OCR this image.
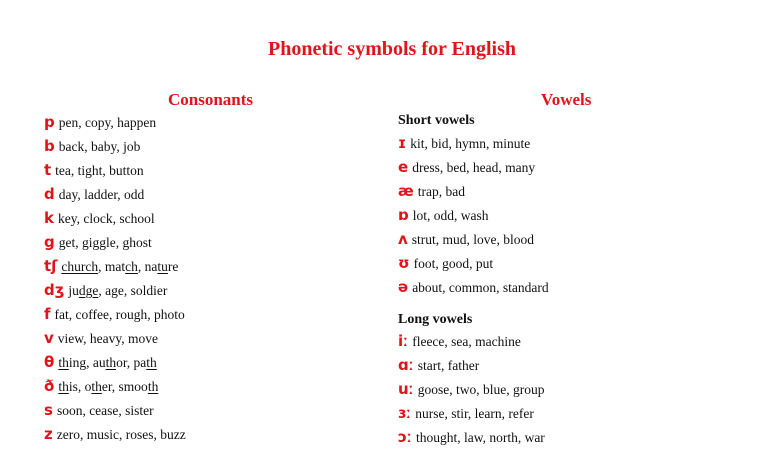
Phonetic symbols for English
Consonants
p pen, copy, happen
b back, baby, job
t tea, tight, button
d day, ladder, odd
k key, clock, school
g get, giggle, ghost
tʃ church, match, nature
dʒ judge, age, soldier
f fat, coffee, rough, photo
v view, heavy, move
θ thing, author, path
ð this, other, smooth
s soon, cease, sister
z zero, music, roses, buzz
Vowels
Short vowels
ɪ kit, bid, hymn, minute
e dress, bed, head, many
æ trap, bad
ɒ lot, odd, wash
ʌ strut, mud, love, blood
ʊ foot, good, put
ə about, common, standard
Long vowels
iː fleece, sea, machine
ɑː start, father
uː goose, two, blue, group
ɜː nurse, stir, learn, refer
ɔː thought, law, north, war
